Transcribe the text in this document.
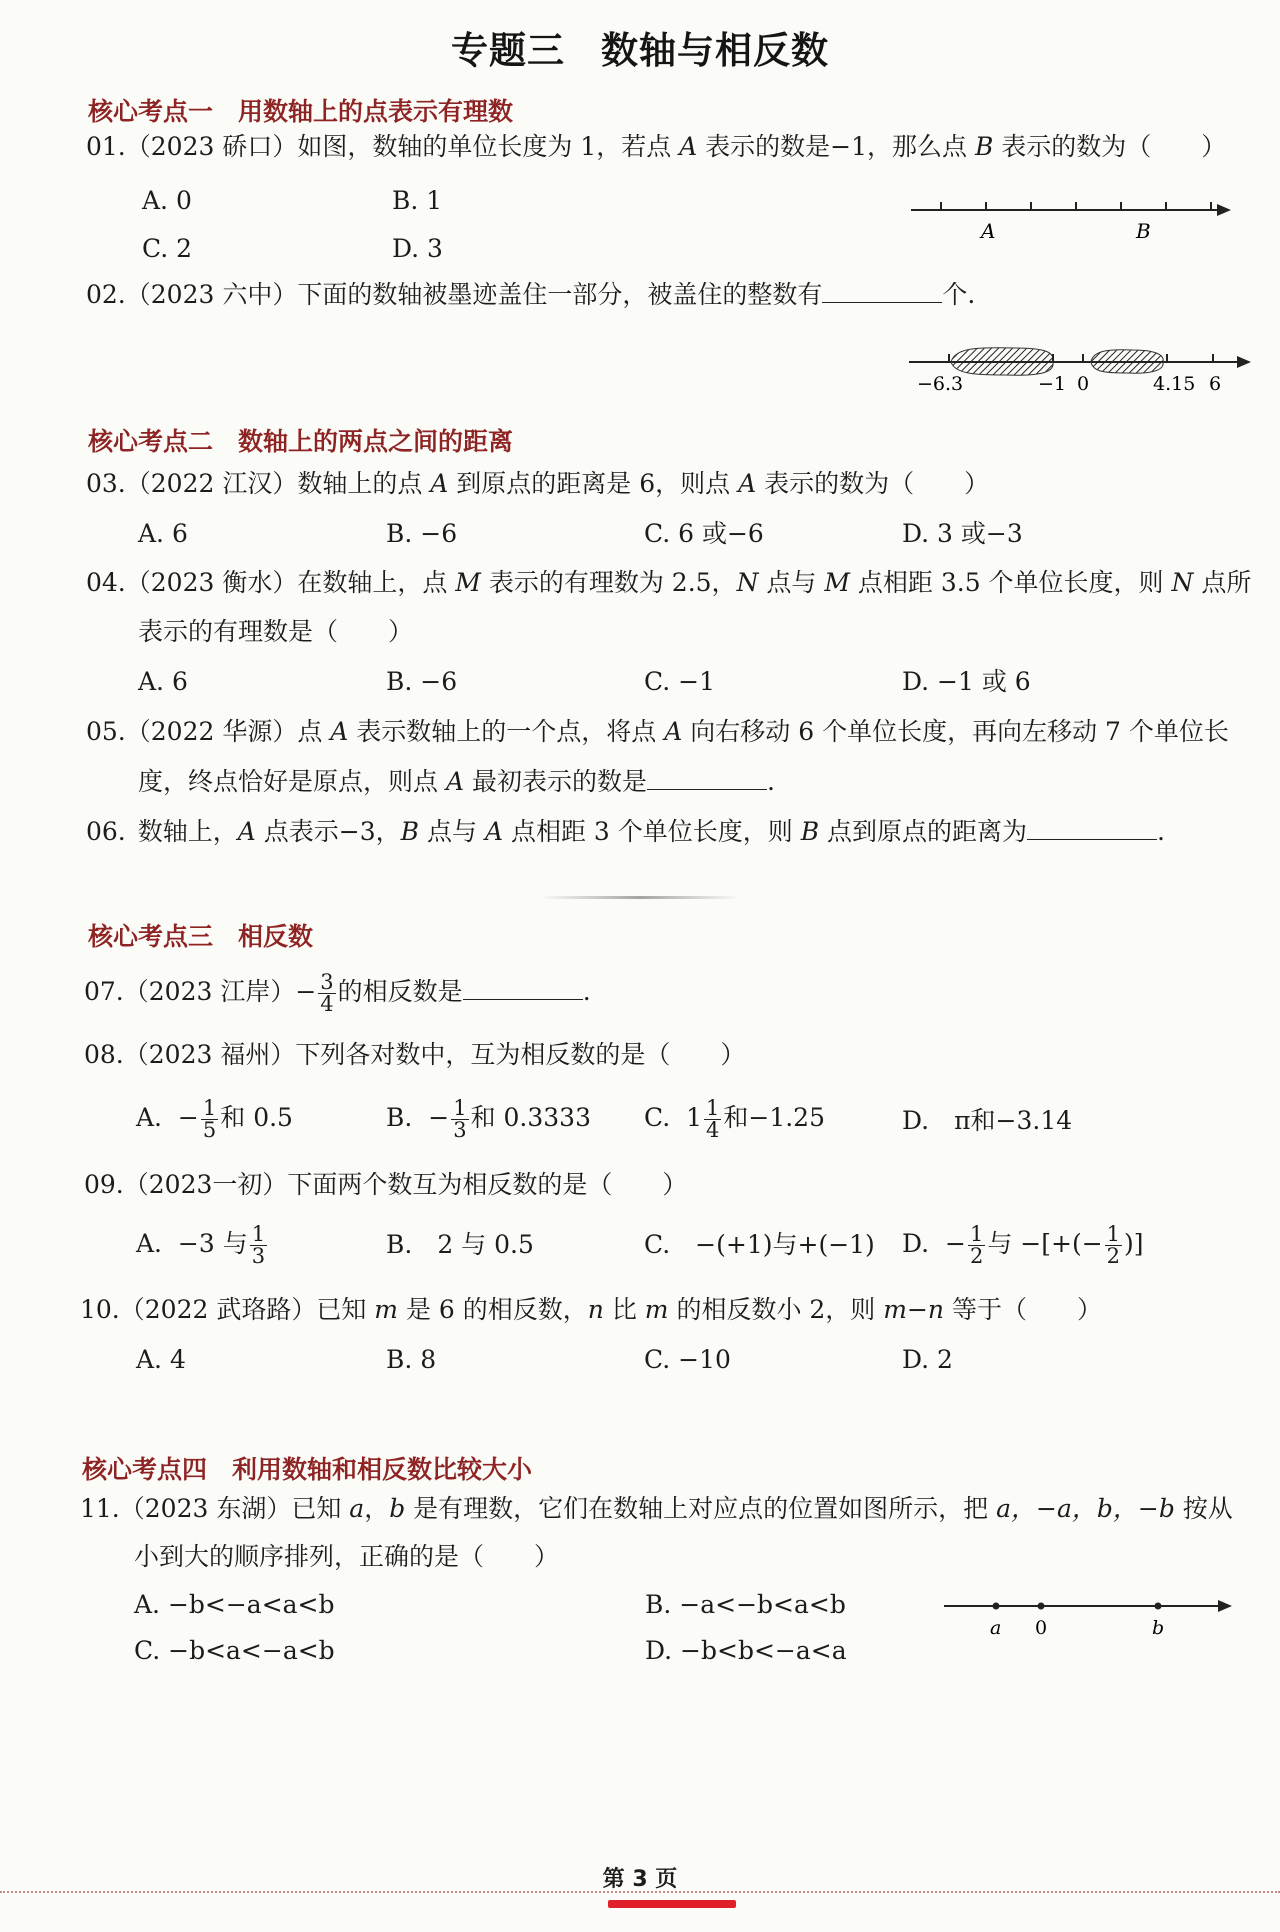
专题三 数轴与相反数
核心考点一　用数轴上的点表示有理数
01.（2023 硚口）如图，数轴的单位长度为 1，若点 A 表示的数是−1，那么点 B 表示的数为（　　）
A. 0	B. 1
C. 2	D. 3
A	B
02.（2023 六中）下面的数轴被墨迹盖住一部分，被盖住的整数有	个.
−6.3	−1 0	4.15 6
核心考点二　数轴上的两点之间的距离
03.（2022 江汉）数轴上的点 A 到原点的距离是 6，则点 A 表示的数为（　　）
A. 6	B. −6	C. 6 或−6	D. 3 或−3
04.（2023 衡水）在数轴上，点 M 表示的有理数为 2.5，N 点与 M 点相距 3.5 个单位长度，则 N 点所
表示的有理数是（　　）
A. 6	B. −6	C. −1	D. −1 或 6
05.（2022 华源）点 A 表示数轴上的一个点，将点 A 向右移动 6 个单位长度，再向左移动 7 个单位长
度，终点恰好是原点，则点 A 最初表示的数是	.
06. 数轴上，A 点表示−3，B 点与 A 点相距 3 个单位长度，则 B 点到原点的距离为	.
核心考点三　相反数
07.（2023 江岸）− $\frac{3}{4}$ 的相反数是	.
08.（2023 福州）下列各对数中，互为相反数的是（　　）
A. − $\frac{1}{5}$ 和 0.5	B. − $\frac{1}{3}$ 和 0.3333 C. $1 \frac{1}{4}$ 和−1.25	D.　π和−3.14
09.（2023一初）下面两个数互为相反数的是（　　）
A. −3 与 $\frac{1}{3}$	B.　2 与 0.5	C.　−(+1)与+(−1) D. − $\frac{1}{2}$ 与 −[+(− $\frac{1}{2}$ )]
10.（2022 武珞路）已知 m 是 6 的相反数，n 比 m 的相反数小 2，则 m−n 等于（　　）
A. 4	B. 8	C. −10	D. 2
核心考点四　利用数轴和相反数比较大小
11.（2023 东湖）已知 a，b 是有理数，它们在数轴上对应点的位置如图所示，把 a，−a，b，−b 按从
小到大的顺序排列，正确的是（　　）
A. −b<−a<a<b	B. −a<−b<a<b
C. −b<a<−a<b	D. −b<b<−a<a
a 0	b
第 3 页
